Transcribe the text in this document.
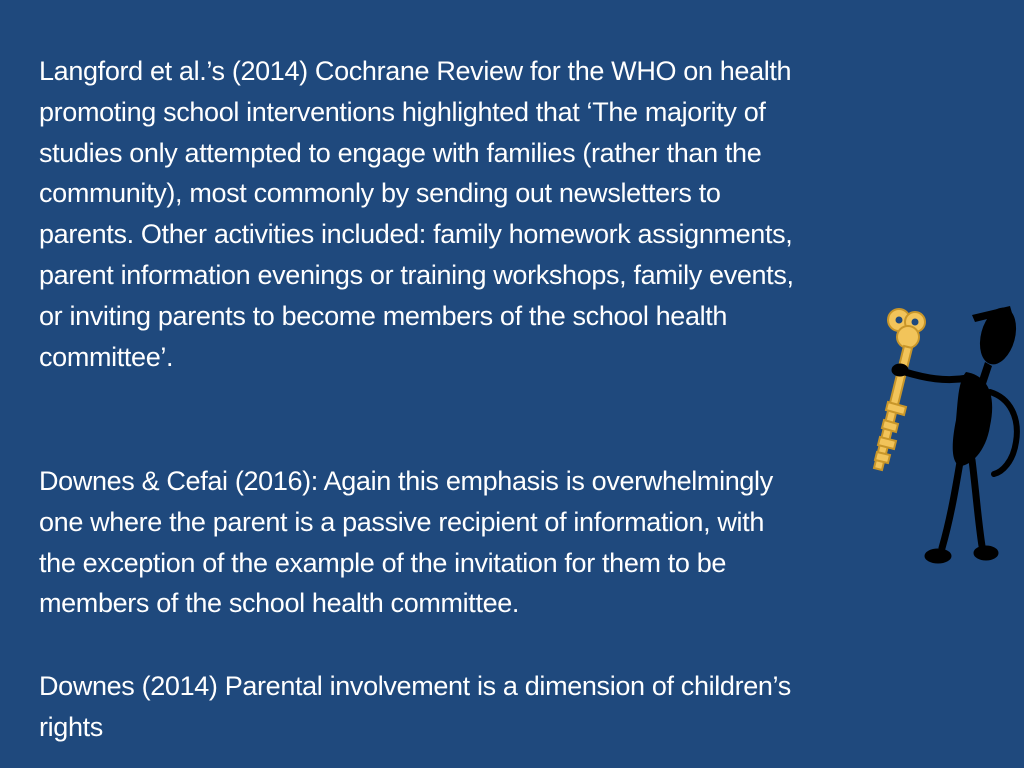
Langford et al.’s (2014) Cochrane Review for the WHO on health
promoting school interventions highlighted that ‘The majority of
studies only attempted to engage with families (rather than the
community), most commonly by sending out newsletters to
parents. Other activities included: family homework assignments,
parent information evenings or training workshops, family events,
or inviting parents to become members of the school health
committee’.

Downes & Cefai (2016): Again this emphasis is overwhelmingly
one where the parent is a passive recipient of information, with
the exception of the example of the invitation for them to be
members of the school health committee.

Downes (2014) Parental involvement is a dimension of children’s
rights
